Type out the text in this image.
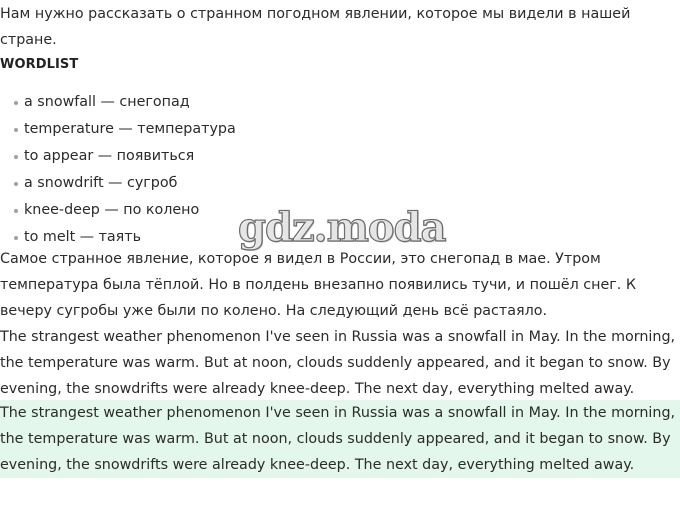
Нам нужно рассказать о странном погодном явлении, которое мы видели в нашей
стране.

WORDLIST
a snowfall — снегопад
temperature — температура
to appear — появиться
a snowdrift — сугроб
knee-deep — по колено
to melt — таять

Самое странное явление, которое я видел в России, это снегопад в мае. Утром
температура была тёплой. Но в полдень внезапно появились тучи, и пошёл снег. К
вечеру сугробы уже были по колено. На следующий день всё растаяло.

The strangest weather phenomenon I've seen in Russia was a snowfall in May. In the morning,
the temperature was warm. But at noon, clouds suddenly appeared, and it began to snow. By
evening, the snowdrifts were already knee-deep. The next day, everything melted away.

The strangest weather phenomenon I've seen in Russia was a snowfall in May. In the morning,
the temperature was warm. But at noon, clouds suddenly appeared, and it began to snow. By
evening, the snowdrifts were already knee-deep. The next day, everything melted away.

gdz.moda
